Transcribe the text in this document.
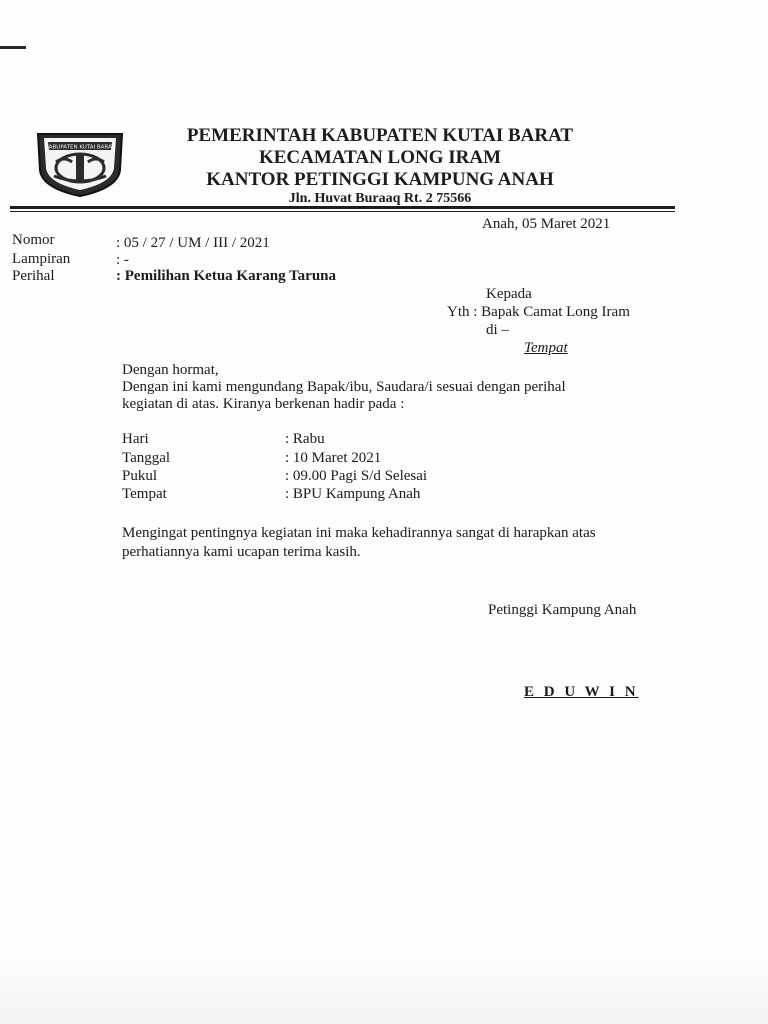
KABUPATEN KUTAI BARAT
PEMERINTAH KABUPATEN KUTAI BARAT
KECAMATAN LONG IRAM
KANTOR PETINGGI KAMPUNG ANAH
Jln. Huvat Buraaq Rt. 2 75566
Anah, 05 Maret 2021
Nomor	: 05 / 27 / UM / III / 2021
Lampiran	: -
Perihal	: Pemilihan Ketua Karang Taruna
Kepada
Yth : Bapak Camat Long Iram
di –
Tempat
Dengan hormat,
Dengan ini kami mengundang Bapak/ibu, Saudara/i sesuai dengan perihal
kegiatan di atas. Kiranya berkenan hadir pada :
Hari	: Rabu
Tanggal	: 10 Maret 2021
Pukul	: 09.00 Pagi S/d Selesai
Tempat	: BPU Kampung Anah
Mengingat pentingnya kegiatan ini maka kehadirannya sangat di harapkan atas
perhatiannya kami ucapan terima kasih.
Petinggi Kampung Anah
E D U W I N
